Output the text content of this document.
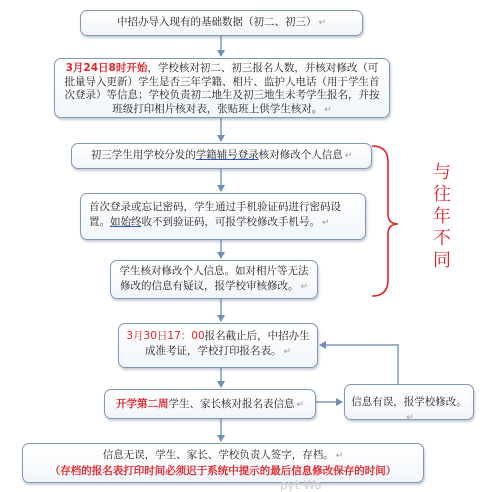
中招办导入现有的基础数据（初二、初三） ↵
3月24日8时开始，学校核对初二、初三报名人数，并核对修改（可批量导入更新）学生是否三年学籍、相片、监护人电话（用于学生首次登录）等信息；学校负责初二地生及初三地生未考学生报名，并按班级打印相片核对表，张贴班上供学生核对。 ↵
初三学生用学校分发的学籍辅号登录核对修改个人信息 ↵
首次登录或忘记密码，学生通过手机验证码进行密码设置。如始终收不到验证码，可报学校修改手机号。 ↵
学生核对修改个人信息。如对相片等无法修改的信息有疑议，报学校审核修改。 ↵
3月30日17：00报名截止后，中招办生成准考证，学校打印报名表。 ↵
开学第二周学生、家长核对报名表信息 ↵	信息有误，报学校修改。↵
信息无误，学生、家长、学校负责人签字，存档。 ↵
（存档的报名表打印时间必须迟于系统中提示的最后信息修改保存的时间）
与
往
年
不
同
pyt Wa
